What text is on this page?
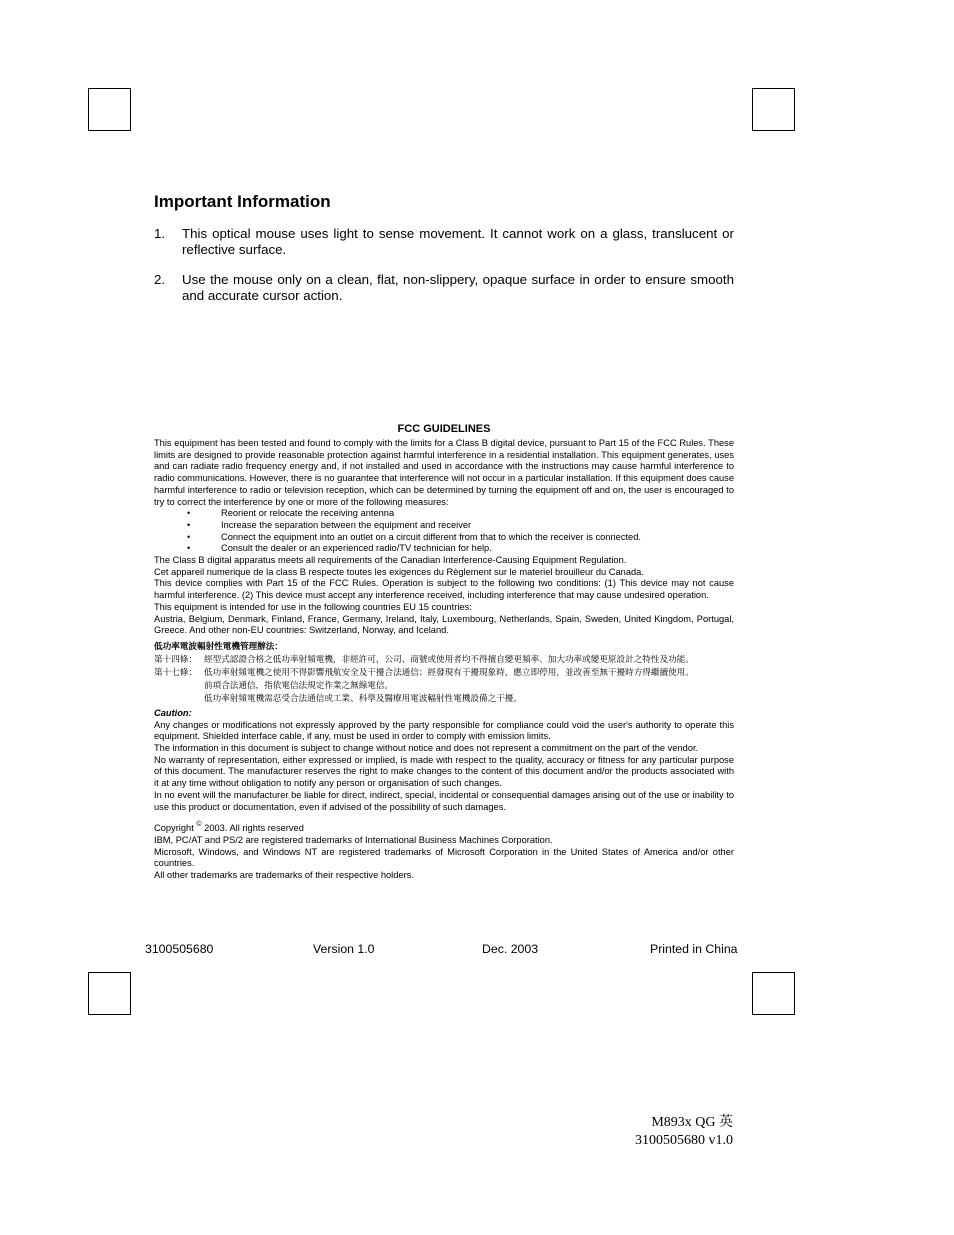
Important Information
1. This optical mouse uses light to sense movement. It cannot work on a glass, translucent or reflective surface.
2. Use the mouse only on a clean, flat, non-slippery, opaque surface in order to ensure smooth and accurate cursor action.
FCC GUIDELINES
This equipment has been tested and found to comply with the limits for a Class B digital device, pursuant to Part 15 of the FCC Rules. These limits are designed to provide reasonable protection against harmful interference in a residential installation. This equipment generates, uses and can radiate radio frequency energy and, if not installed and used in accordance with the instructions may cause harmful interference to radio communications. However, there is no guarantee that interference will not occur in a particular installation. If this equipment does cause harmful interference to radio or television reception, which can be determined by turning the equipment off and on, the user is encouraged to try to correct the interference by one or more of the following measures:
•	Reorient or relocate the receiving antenna
•	Increase the separation between the equipment and receiver
•	Connect the equipment into an outlet on a circuit different from that to which the receiver is connected.
•	Consult the dealer or an experienced radio/TV technician for help.
The Class B digital apparatus meets all requirements of the Canadian Interference-Causing Equipment Regulation.
Cet appareil numerique de la class B respecte toutes les exigences du Règlement sur le materiel brouilleur du Canada.
This device complies with Part 15 of the FCC Rules. Operation is subject to the following two conditions: (1) This device may not cause harmful interference. (2) This device must accept any interference received, including interference that may cause undesired operation.
This equipment is intended for use in the following countries EU 15 countries:
Austria, Belgium, Denmark, Finland, France, Germany, Ireland, Italy, Luxembourg, Netherlands, Spain, Sweden, United Kingdom, Portugal, Greece. And other non-EU countries: Switzerland, Norway, and Iceland.
低功率電波輻射性電機管理辦法：
第十四條： 經型式認證合格之低功率射頻電機，非經許可，公司、商號或使用者均不得擅自變更頻率、加大功率或變更原設計之特性及功能。
第十七條： 低功率射頻電機之使用不得影響飛航安全及干擾合法通信；經發現有干擾現象時，應立即停用，並改善至無干擾時方得繼續使用。
前項合法通信，指依電信法規定作業之無線電信。
低功率射頻電機需忍受合法通信或工業、科學及醫療用電波輻射性電機設備之干擾。
Caution:
Any changes or modifications not expressly approved by the party responsible for compliance could void the user's authority to operate this equipment. Shielded interface cable, if any, must be used in order to comply with emission limits.
The information in this document is subject to change without notice and does not represent a commitment on the part of the vendor.
No warranty of representation, either expressed or implied, is made with respect to the quality, accuracy or fitness for any particular purpose of this document. The manufacturer reserves the right to make changes to the content of this document and/or the products associated with it at any time without obligation to notify any person or organisation of such changes.
In no event will the manufacturer be liable for direct, indirect, special, incidental or consequential damages arising out of the use or inability to use this product or documentation, even if advised of the possibility of such damages.
Copyright © 2003. All rights reserved
IBM, PC/AT and PS/2 are registered trademarks of International Business Machines Corporation.
Microsoft, Windows, and Windows NT are registered trademarks of Microsoft Corporation in the United States of America and/or other countries.
All other trademarks are trademarks of their respective holders.
3100505680	Version 1.0	Dec. 2003	Printed in China
M893x QG 英
3100505680 v1.0
